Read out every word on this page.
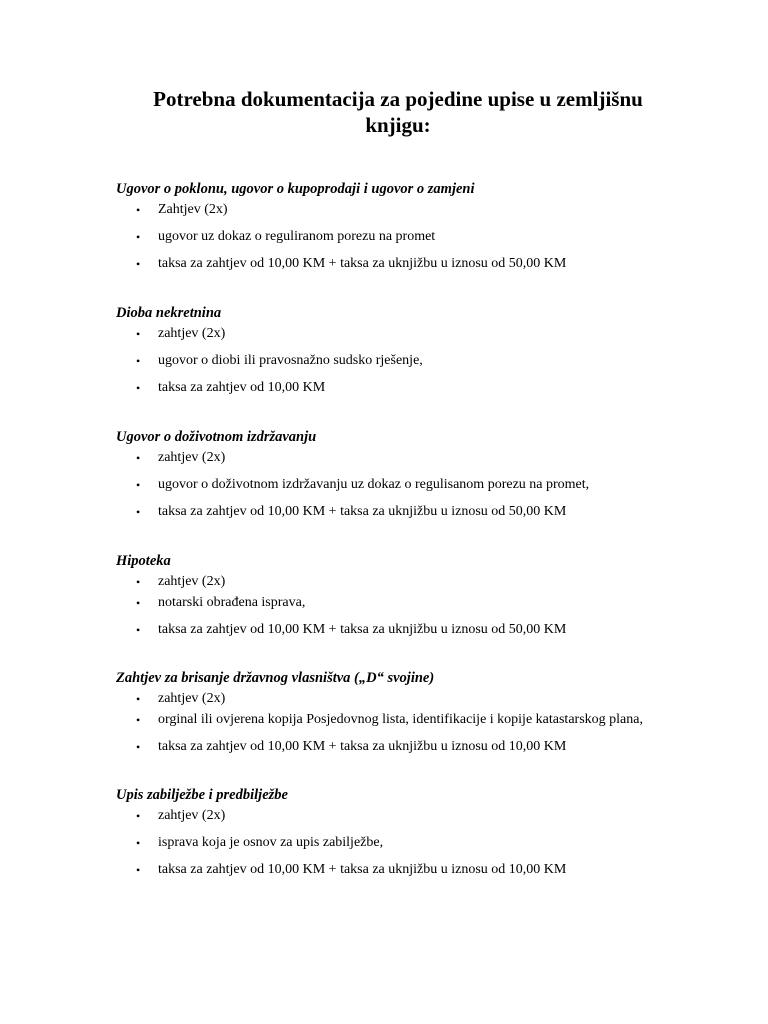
Potrebna dokumentacija za pojedine upise u zemljišnu
knjigu:

Ugovor o poklonu, ugovor o kupoprodaji i ugovor o zamjeni

• Zahtjev (2x)
• ugovor uz dokaz o reguliranom porezu na promet
• taksa za zahtjev od 10,00 KM + taksa za uknjižbu u iznosu od 50,00 KM

Dioba nekretnina

• zahtjev (2x)
• ugovor o diobi ili pravosnažno sudsko rješenje,
• taksa za zahtjev od 10,00 KM

Ugovor o doživotnom izdržavanju

• zahtjev (2x)
• ugovor o doživotnom izdržavanju uz dokaz o regulisanom porezu na promet,
• taksa za zahtjev od 10,00 KM + taksa za uknjižbu u iznosu od 50,00 KM

Hipoteka

• zahtjev (2x)
• notarski obrađena isprava,
• taksa za zahtjev od 10,00 KM + taksa za uknjižbu u iznosu od 50,00 KM

Zahtjev za brisanje državnog vlasništva („D“ svojine)

• zahtjev (2x)
• orginal ili ovjerena kopija Posjedovnog lista, identifikacije i kopije katastarskog plana,
• taksa za zahtjev od 10,00 KM + taksa za uknjižbu u iznosu od 10,00 KM

Upis zabilježbe i predbilježbe

• zahtjev (2x)
• isprava koja je osnov za upis zabilježbe,
• taksa za zahtjev od 10,00 KM + taksa za uknjižbu u iznosu od 10,00 KM
